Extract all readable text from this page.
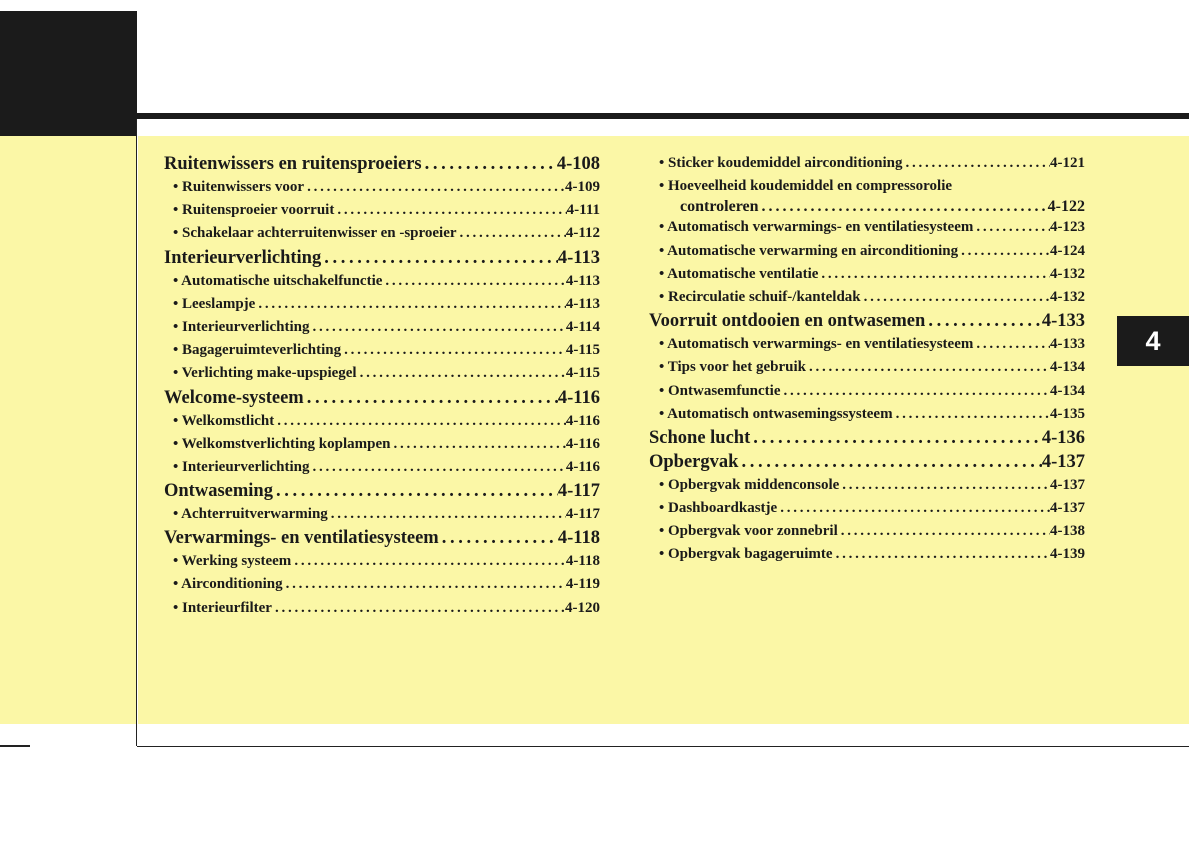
4
Ruitenwissers en ruitensproeiers . . .	4-108
• Ruitenwissers voor . . .	4-109
• Ruitensproeier voorruit . . .	4-111
• Schakelaar achterruitenwisser en -sproeier . . .	4-112
Interieurverlichting . . .	4-113
• Automatische uitschakelfunctie . . .	4-113
• Leeslampje . . .	4-113
• Interieurverlichting . . .	4-114
• Bagageruimteverlichting . . .	4-115
• Verlichting make-upspiegel . . .	4-115
Welcome-systeem . . .	4-116
• Welkomstlicht . . .	4-116
• Welkomstverlichting koplampen . . .	4-116
• Interieurverlichting . . .	4-116
Ontwaseming . . .	4-117
• Achterruitverwarming . . .	4-117
Verwarmings- en ventilatiesysteem . . .	4-118
• Werking systeem . . .	4-118
• Airconditioning . . .	4-119
• Interieurfilter . . .	4-120
• Sticker koudemiddel airconditioning . . .	4-121
• Hoeveelheid koudemiddel en compressorolie
controleren . . .	4-122
• Automatisch verwarmings- en ventilatiesysteem . . .	4-123
• Automatische verwarming en airconditioning . . .	4-124
• Automatische ventilatie . . .	4-132
• Recirculatie schuif-/kanteldak . . .	4-132
Voorruit ontdooien en ontwasemen . . .	4-133
• Automatisch verwarmings- en ventilatiesysteem . . .	4-133
• Tips voor het gebruik . . .	4-134
• Ontwasemfunctie . . .	4-134
• Automatisch ontwasemingssysteem . . .	4-135
Schone lucht . . .	4-136
Opbergvak . . .	4-137
• Opbergvak middenconsole . . .	4-137
• Dashboardkastje . . .	4-137
• Opbergvak voor zonnebril . . .	4-138
• Opbergvak bagageruimte . . .	4-139
